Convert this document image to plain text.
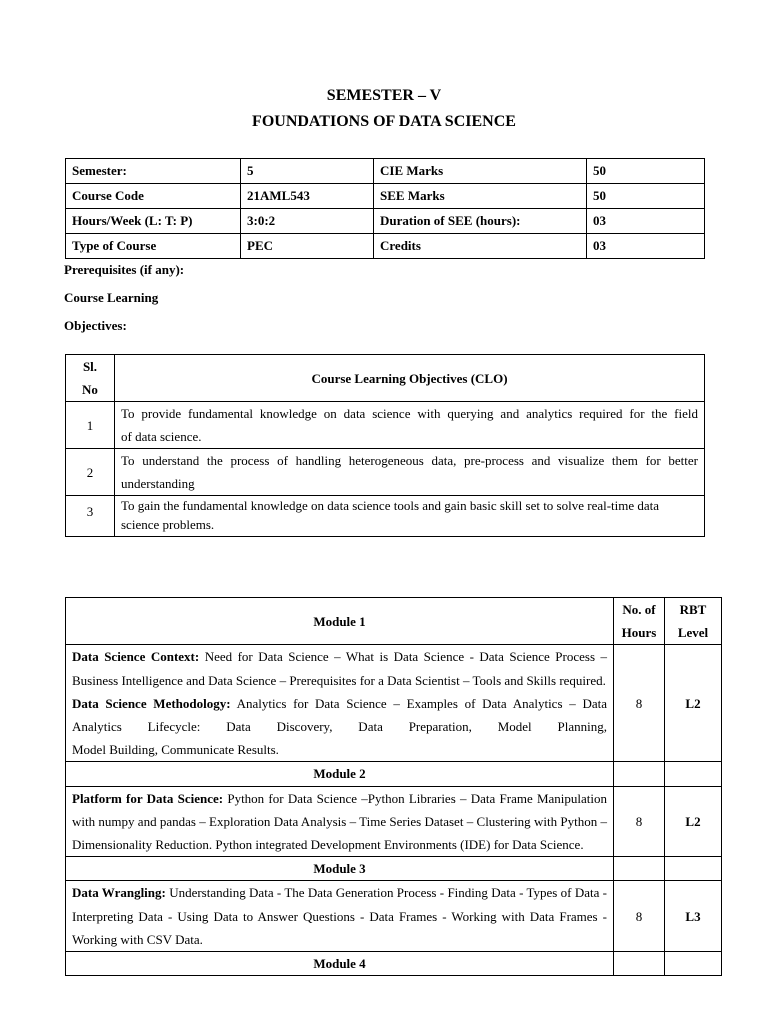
SEMESTER – V
FOUNDATIONS OF DATA SCIENCE
Semester:	5	CIE Marks	50
Course Code	21AML543	SEE Marks	50
Hours/Week (L: T: P)	3:0:2	Duration of SEE (hours):	03
Type of Course	PEC	Credits	03
Prerequisites (if any):
Course Learning
Objectives:
Sl.
No	Course Learning Objectives (CLO)
1	To provide fundamental knowledge on data science with querying and analytics required for the field
of data science.

2	To understand the process of handling heterogeneous data, pre-process and visualize them for better
understanding

3	To gain the fundamental knowledge on data science tools and gain basic skill set to solve real-time data
science problems.
Module 1	No. of
Hours	RBT
Level

Data Science Context: Need for Data Science – What is Data Science - Data Science Process – Business Intelligence and Data Science – Prerequisites for a Data Scientist – Tools and Skills required.
Data Science Methodology: Analytics for Data Science – Examples of Data Analytics – Data Analytics Lifecycle: Data Discovery, Data Preparation, Model Planning,
Model Building, Communicate Results.	8	L2
Module 2		

Platform for Data Science: Python for Data Science –Python Libraries – Data Frame Manipulation with numpy and pandas – Exploration Data Analysis – Time Series Dataset – Clustering with Python – Dimensionality Reduction. Python integrated Development Environments (IDE) for Data Science.	8	L2
Module 3		

Data Wrangling: Understanding Data - The Data Generation Process - Finding Data - Types of Data - Interpreting Data - Using Data to Answer Questions - Data Frames - Working with Data Frames -Working with CSV Data.	8	L3
Module 4		
